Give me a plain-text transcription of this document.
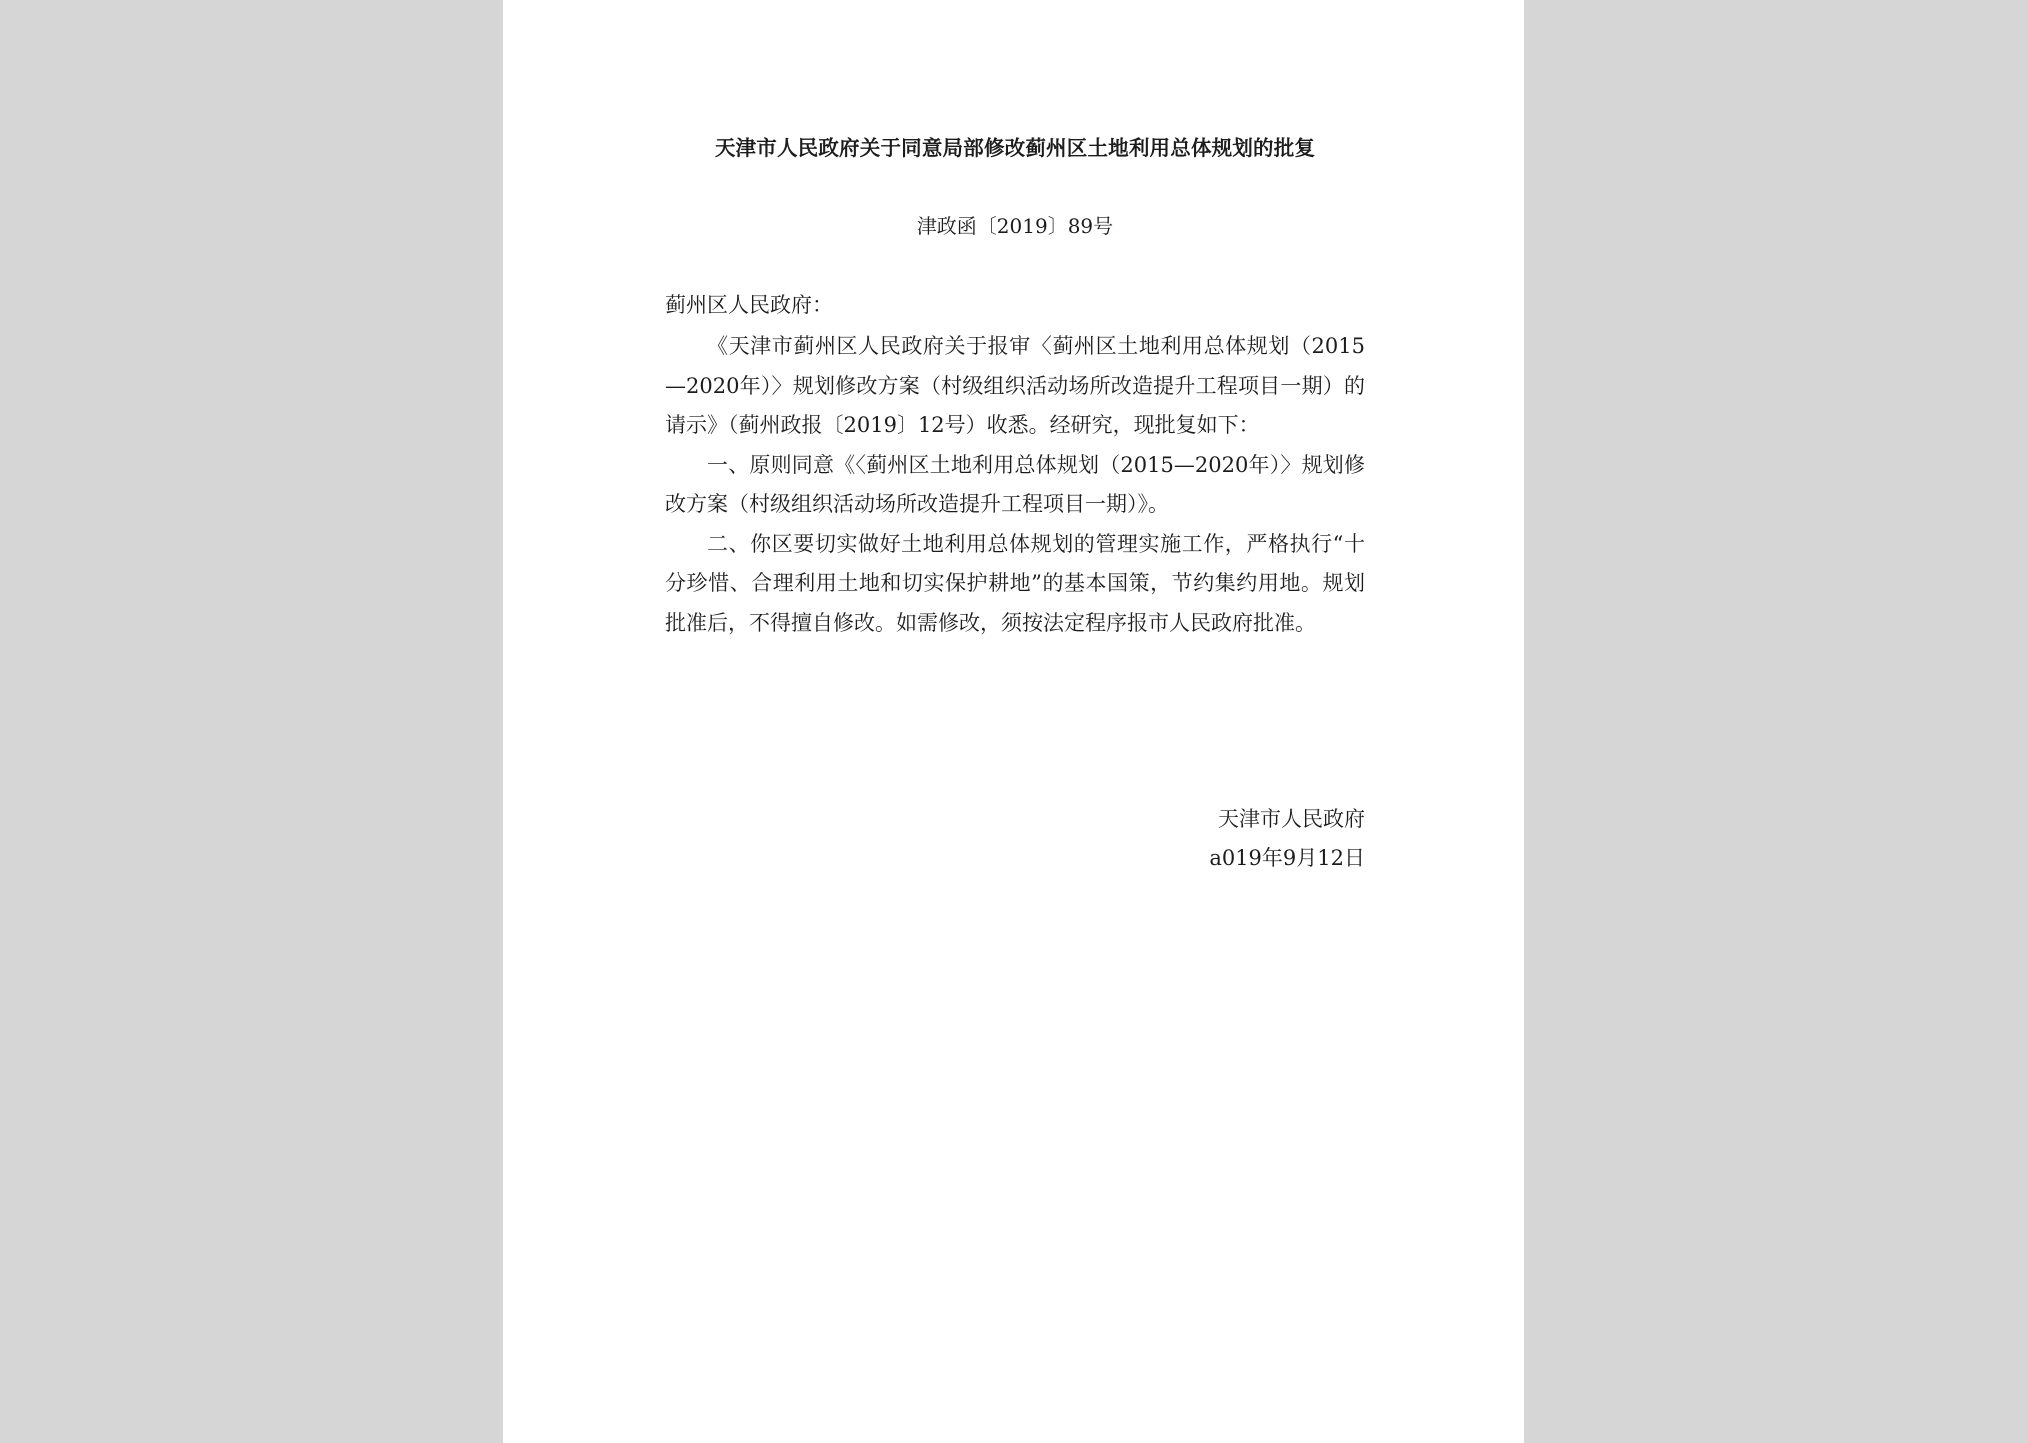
天津市人民政府关于同意局部修改蓟州区土地利用总体规划的批复
津政函〔2019〕89号
蓟州区人民政府：

《天津市蓟州区人民政府关于报审〈蓟州区土地利用总体规划（2015—2020年）〉规划修改方案（村级组织活动场所改造提升工程项目一期）的请示》（蓟州政报〔2019〕12号）收悉。经研究，现批复如下：

一、原则同意《〈蓟州区土地利用总体规划（2015—2020年）〉规划修改方案（村级组织活动场所改造提升工程项目一期）》。

二、你区要切实做好土地利用总体规划的管理实施工作，严格执行“十分珍惜、合理利用土地和切实保护耕地”的基本国策，节约集约用地。规划批准后，不得擅自修改。如需修改，须按法定程序报市人民政府批准。

天津市人民政府
a019年9月12日
